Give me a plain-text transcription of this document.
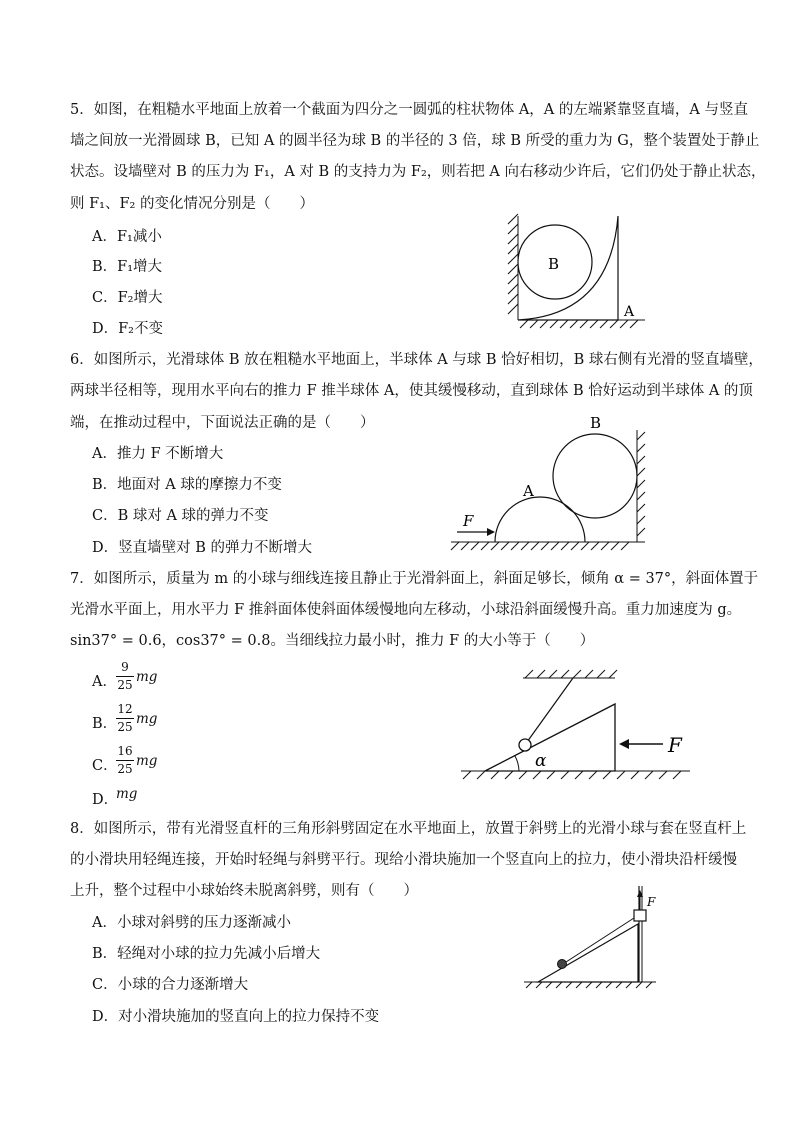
5．如图，在粗糙水平地面上放着一个截面为四分之一圆弧的柱状物体 A，A 的左端紧靠竖直墙，A 与竖直
墙之间放一光滑圆球 B，已知 A 的圆半径为球 B 的半径的 3 倍，球 B 所受的重力为 G，整个装置处于静止
状态。设墙壁对 B 的压力为 F₁，A 对 B 的支持力为 F₂，则若把 A 向右移动少许后，它们仍处于静止状态，
则 F₁、F₂ 的变化情况分别是（　　）
A．F₁减小
B．F₁增大
C．F₂增大
D．F₂不变
B
A
6．如图所示，光滑球体 B 放在粗糙水平地面上，半球体 A 与球 B 恰好相切，B 球右侧有光滑的竖直墙壁，
两球半径相等，现用水平向右的推力 F 推半球体 A，使其缓慢移动，直到球体 B 恰好运动到半球体 A 的顶
端，在推动过程中，下面说法正确的是（　　）
A．推力 F 不断增大
B．地面对 A 球的摩擦力不变
C．B 球对 A 球的弹力不变
D．竖直墙壁对 B 的弹力不断增大
F
A
B
7．如图所示，质量为 m 的小球与细线连接且静止于光滑斜面上，斜面足够长，倾角 α = 37°，斜面体置于
光滑水平面上，用水平力 F 推斜面体使斜面体缓慢地向左移动，小球沿斜面缓慢升高。重力加速度为 g。
sin37° = 0.6，cos37° = 0.8。当细线拉力最小时，推力 F 的大小等于（　　）
A．
9
25 mg
B．
12
25 mg
C．
16
25 mg
D．
mg
α
F
8．如图所示，带有光滑竖直杆的三角形斜劈固定在水平地面上，放置于斜劈上的光滑小球与套在竖直杆上
的小滑块用轻绳连接，开始时轻绳与斜劈平行。现给小滑块施加一个竖直向上的拉力，使小滑块沿杆缓慢
上升，整个过程中小球始终未脱离斜劈，则有（　　）
A．小球对斜劈的压力逐渐减小
B．轻绳对小球的拉力先减小后增大
C．小球的合力逐渐增大
D．对小滑块施加的竖直向上的拉力保持不变
F
